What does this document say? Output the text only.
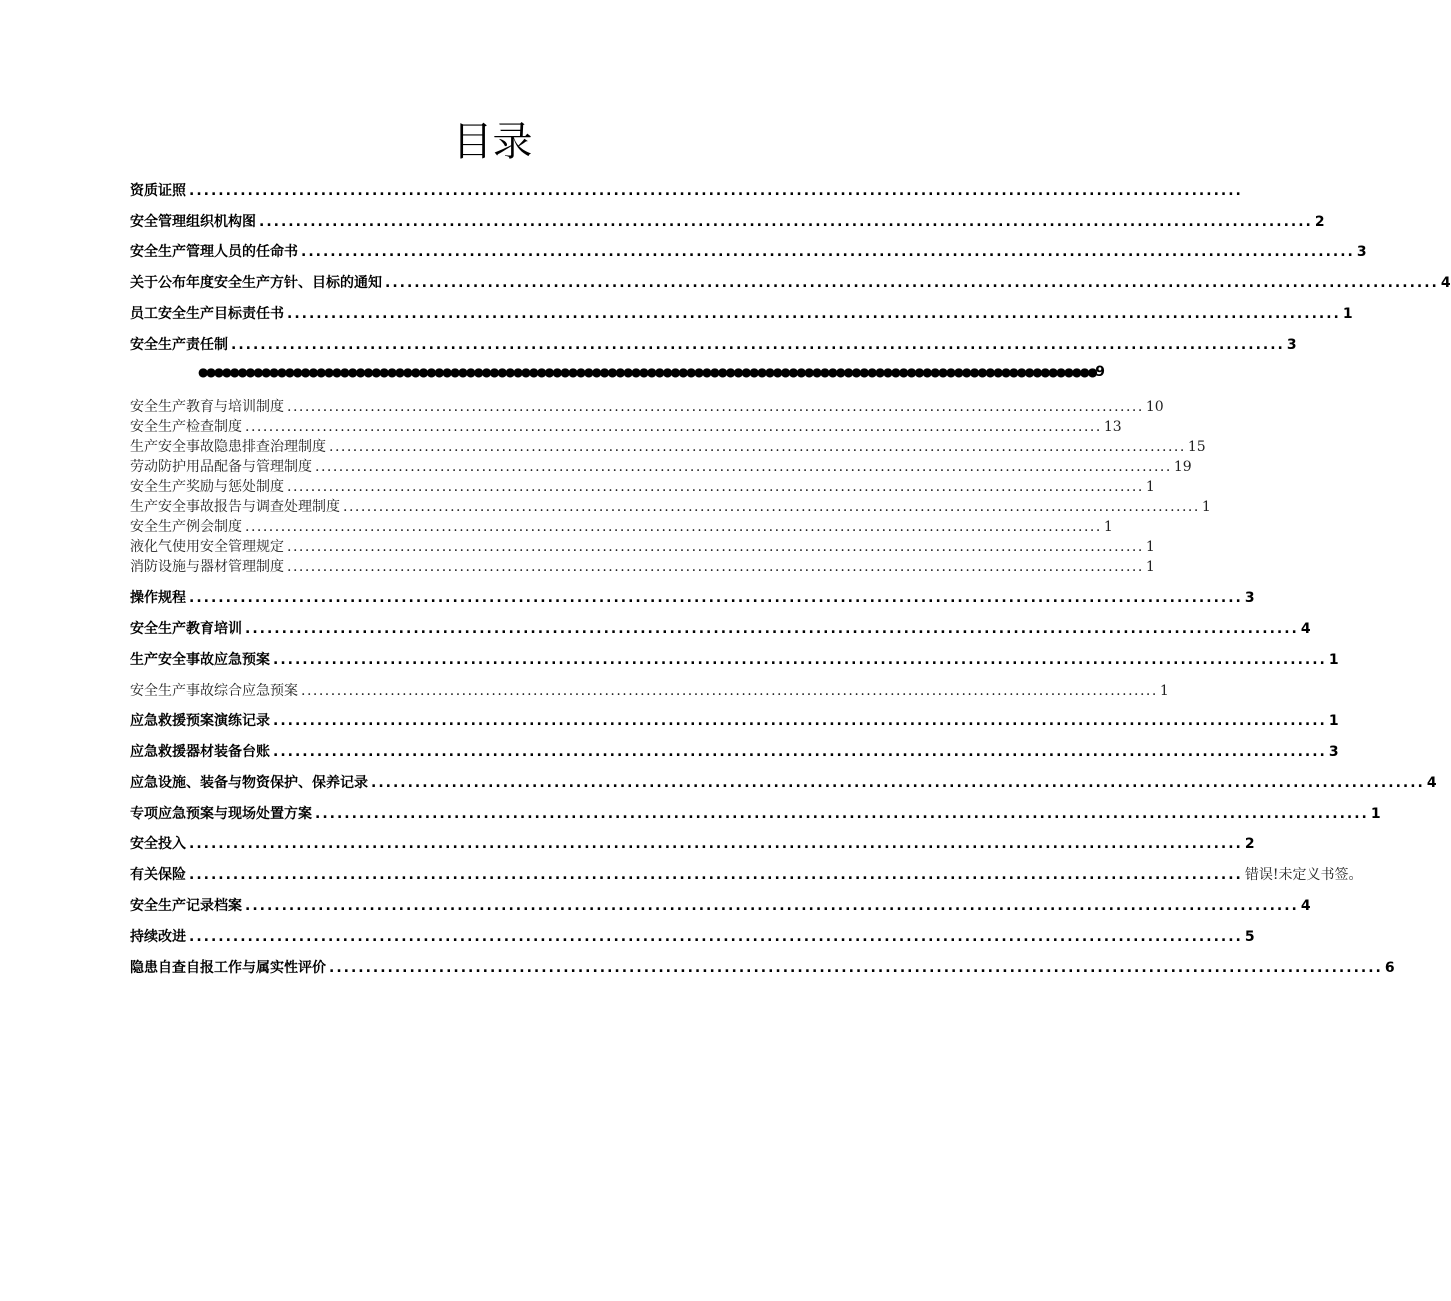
目录
资质证照 ................................................................................................................................................
安全管理组织机构图 ................................................................................................................................................ 2
安全生产管理人员的任命书 ................................................................................................................................................ 3
关于公布年度安全生产方针、目标的通知 ................................................................................................................................................ 4
员工安全生产目标责任书 ................................................................................................................................................ 1
安全生产责任制 ................................................................................................................................................ 3
●●●●●●●●●●●●●●●●●●●●●●●●●●●●●●●●●●●●●●●●●●●●●●●●●●●●●●●●●●●●●●●●●●●●●●●●●●●●●●●●●●●●●●●●●●●●●●●●●●●●●●●●●●●●●●●●●●9
安全生产教育与培训制度 ................................................................................................................................................ 10
安全生产检查制度 ................................................................................................................................................ 13
生产安全事故隐患排查治理制度 ................................................................................................................................................ 15
劳动防护用品配备与管理制度 ................................................................................................................................................ 19
安全生产奖励与惩处制度 ................................................................................................................................................ 1
生产安全事故报告与调查处理制度 ................................................................................................................................................ 1
安全生产例会制度 ................................................................................................................................................ 1
液化气使用安全管理规定 ................................................................................................................................................ 1
消防设施与器材管理制度 ................................................................................................................................................ 1
操作规程 ................................................................................................................................................ 3
安全生产教育培训 ................................................................................................................................................ 4
生产安全事故应急预案 ................................................................................................................................................ 1
安全生产事故综合应急预案 ................................................................................................................................................ 1
应急救援预案演练记录 ................................................................................................................................................ 1
应急救援器材装备台账 ................................................................................................................................................ 3
应急设施、装备与物资保护、保养记录 ................................................................................................................................................ 4
专项应急预案与现场处置方案 ................................................................................................................................................ 1
安全投入 ................................................................................................................................................ 2
有关保险 ................................................................................................................................................ 错误!未定义书签。
安全生产记录档案 ................................................................................................................................................ 4
持续改进 ................................................................................................................................................ 5
隐患自查自报工作与属实性评价 ................................................................................................................................................ 6
